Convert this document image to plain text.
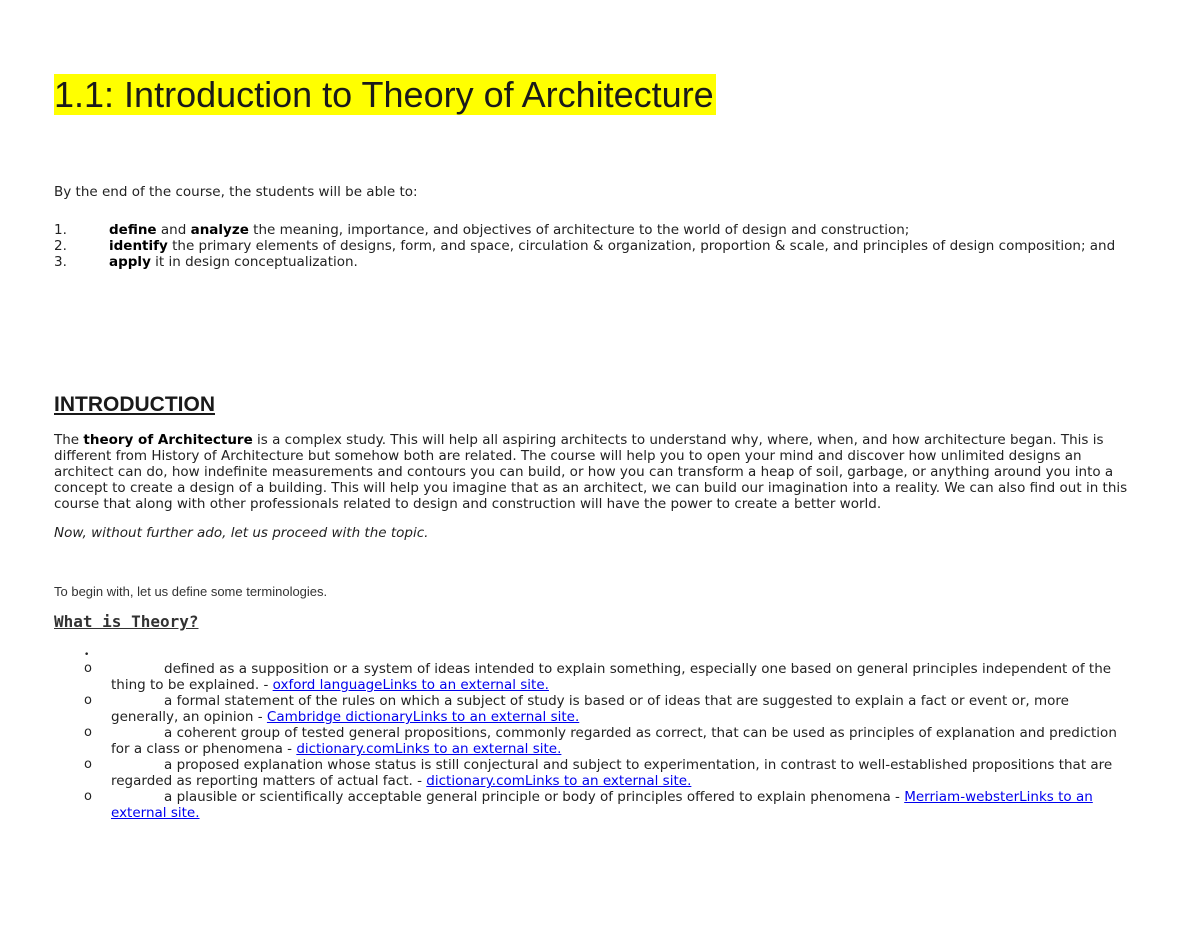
1.1: Introduction to Theory of Architecture
By the end of the course, the students will be able to:
1.	define and analyze the meaning, importance, and objectives of architecture to the world of design and construction;
2.	identify the primary elements of designs, form, and space, circulation & organization, proportion & scale, and principles of design composition; and
3.	apply it in design conceptualization.
INTRODUCTION
The theory of Architecture is a complex study. This will help all aspiring architects to understand why, where, when, and how architecture began. This is different from History of Architecture but somehow both are related. The course will help you to open your mind and discover how unlimited designs an architect can do, how indefinite measurements and contours you can build, or how you can transform a heap of soil, garbage, or anything around you into a concept to create a design of a building. This will help you imagine that as an architect, we can build our imagination into a reality. We can also find out in this course that along with other professionals related to design and construction will have the power to create a better world.
Now, without further ado, let us proceed with the topic.
To begin with, let us define some terminologies.
What is Theory?
•
o	defined as a supposition or a system of ideas intended to explain something, especially one based on general principles independent of the
thing to be explained. - oxford languageLinks to an external site.
o	a formal statement of the rules on which a subject of study is based or of ideas that are suggested to explain a fact or event or, more
generally, an opinion - Cambridge dictionaryLinks to an external site.
o	a coherent group of tested general propositions, commonly regarded as correct, that can be used as principles of explanation and prediction
for a class or phenomena - dictionary.comLinks to an external site.
o	a proposed explanation whose status is still conjectural and subject to experimentation, in contrast to well-established propositions that are
regarded as reporting matters of actual fact. - dictionary.comLinks to an external site.
o	a plausible or scientifically acceptable general principle or body of principles offered to explain phenomena - Merriam-websterLinks to an
external site.
